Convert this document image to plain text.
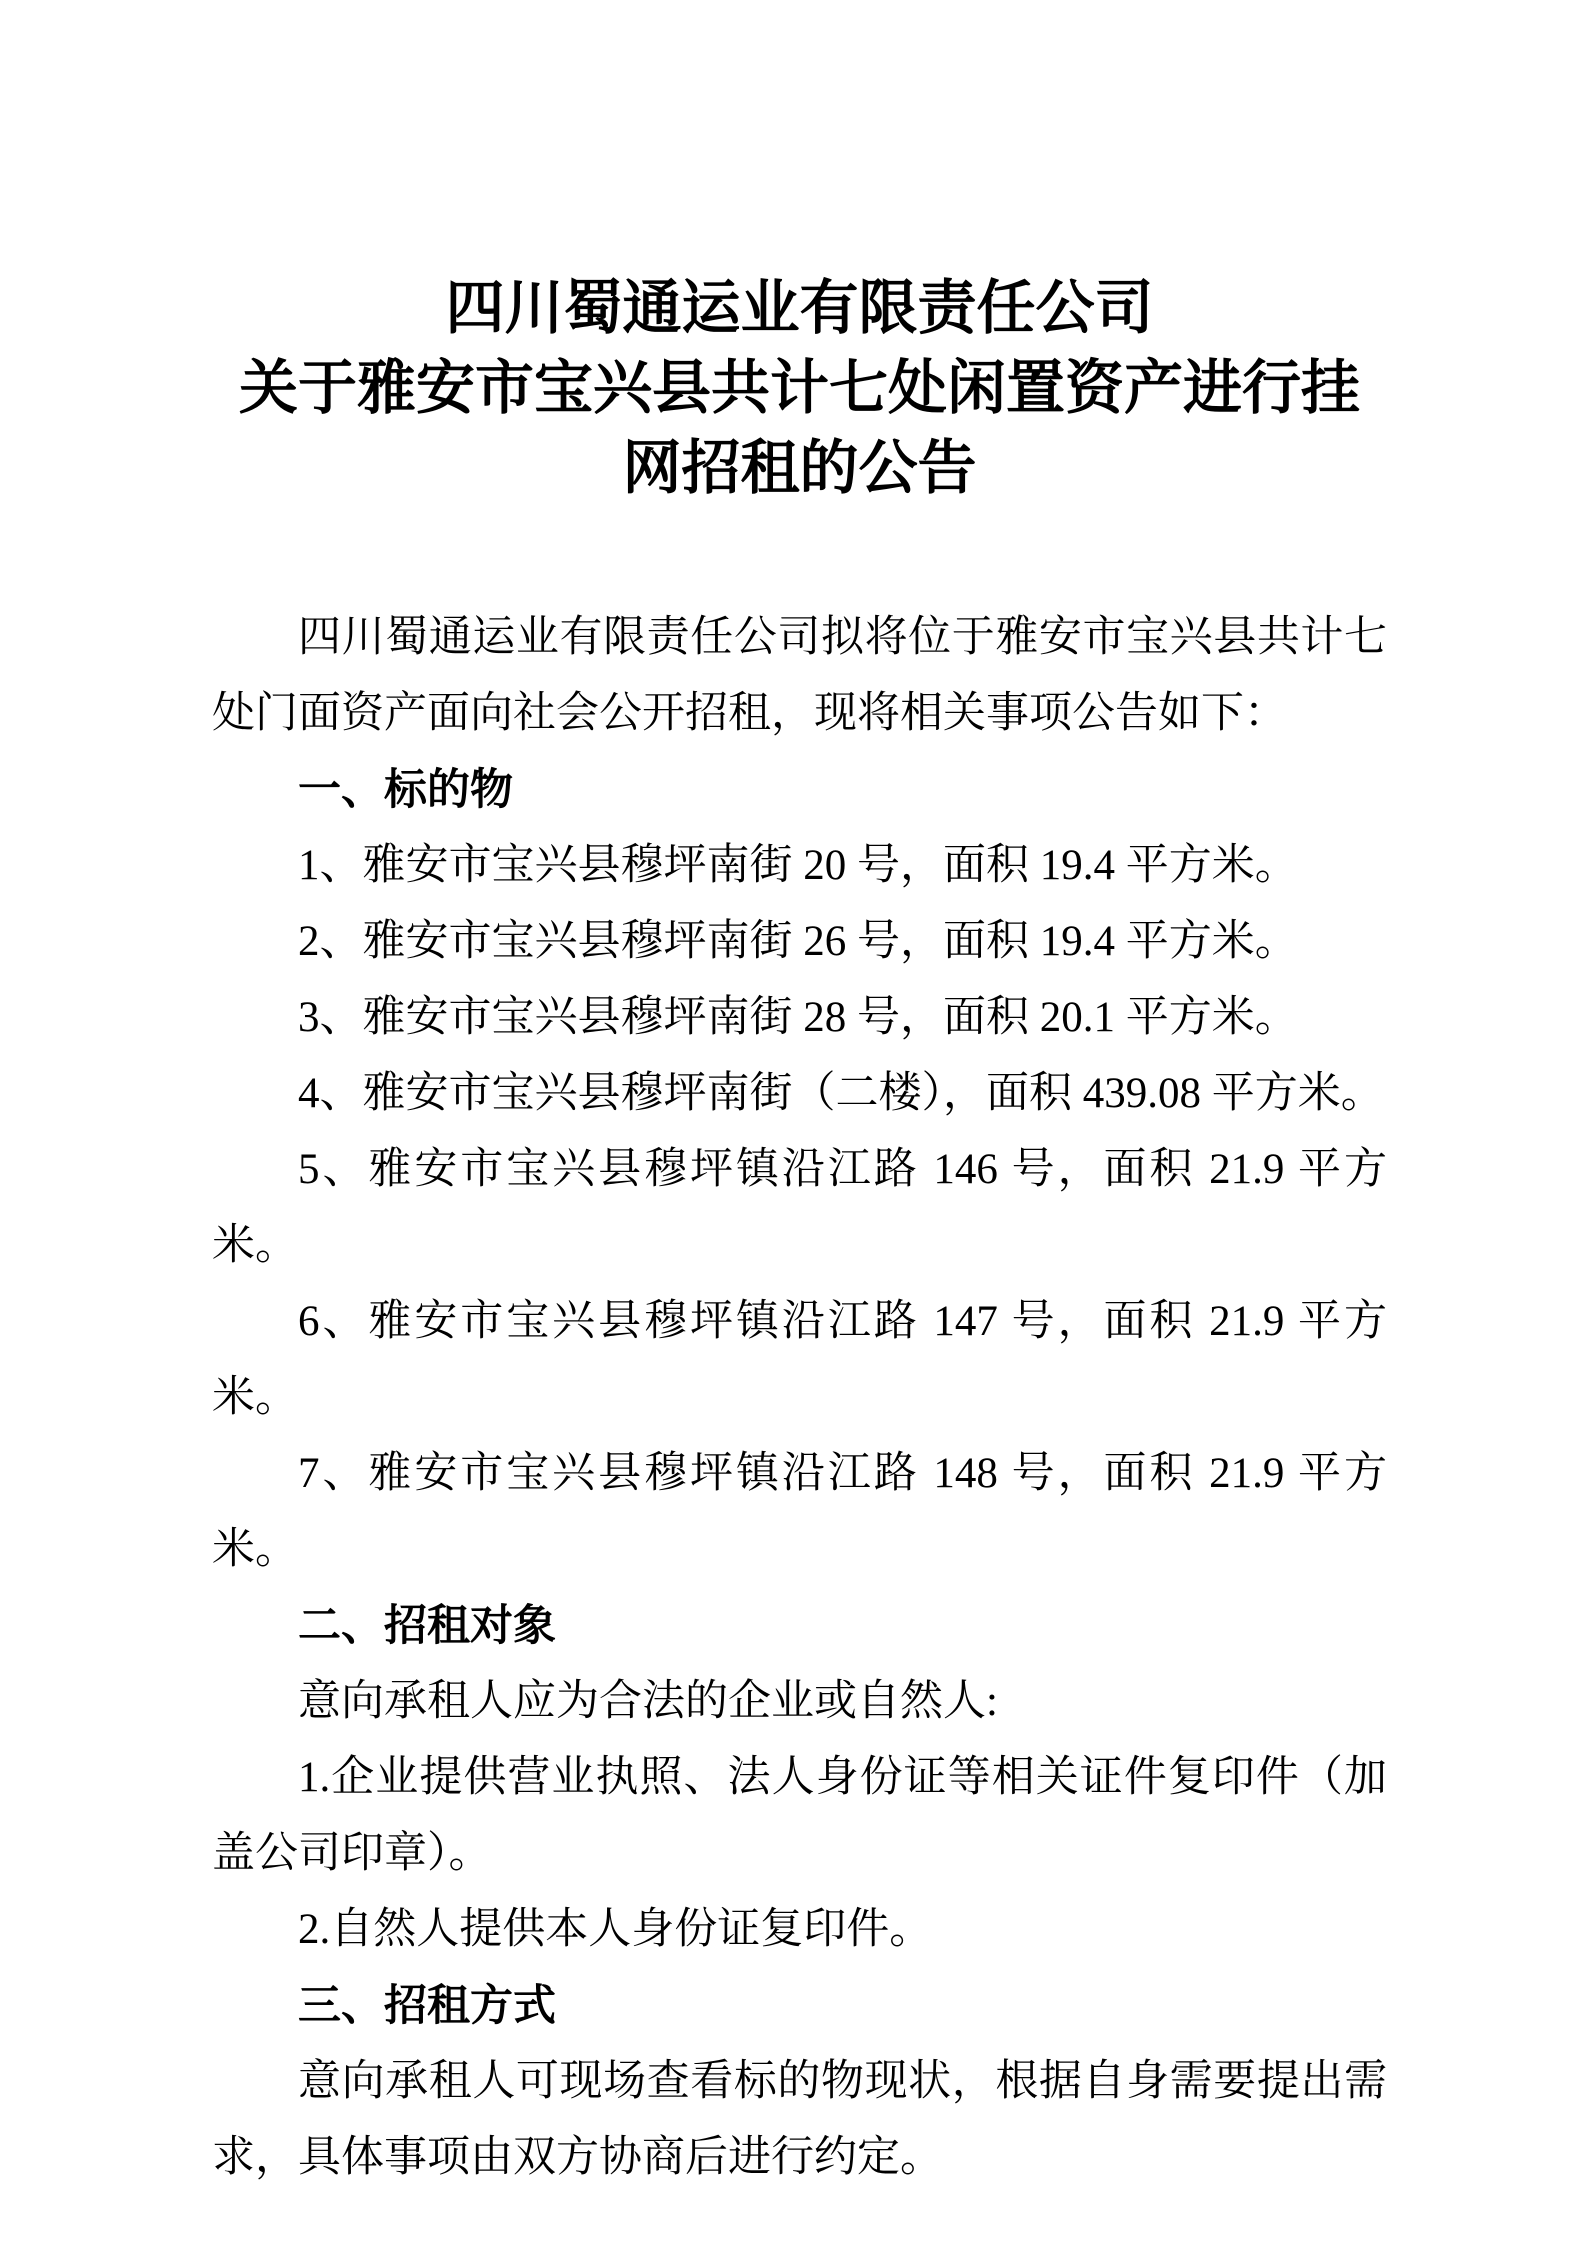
四川蜀通运业有限责任公司
关于雅安市宝兴县共计七处闲置资产进行挂
网招租的公告

四川蜀通运业有限责任公司拟将位于雅安市宝兴县共计七处门面资产面向社会公开招租，现将相关事项公告如下：

一、标的物

1、雅安市宝兴县穆坪南街 20 号，面积 19.4 平方米。

2、雅安市宝兴县穆坪南街 26 号，面积 19.4 平方米。

3、雅安市宝兴县穆坪南街 28 号，面积 20.1 平方米。

4、雅安市宝兴县穆坪南街（二楼），面积 439.08 平方米。

5、雅安市宝兴县穆坪镇沿江路 146 号，面积 21.9 平方米。

6、雅安市宝兴县穆坪镇沿江路 147 号，面积 21.9 平方米。

7、雅安市宝兴县穆坪镇沿江路 148 号，面积 21.9 平方米。

二、招租对象

意向承租人应为合法的企业或自然人:

1.企业提供营业执照、法人身份证等相关证件复印件（加盖公司印章）。

2.自然人提供本人身份证复印件。

三、招租方式

意向承租人可现场查看标的物现状，根据自身需要提出需求，具体事项由双方协商后进行约定。
